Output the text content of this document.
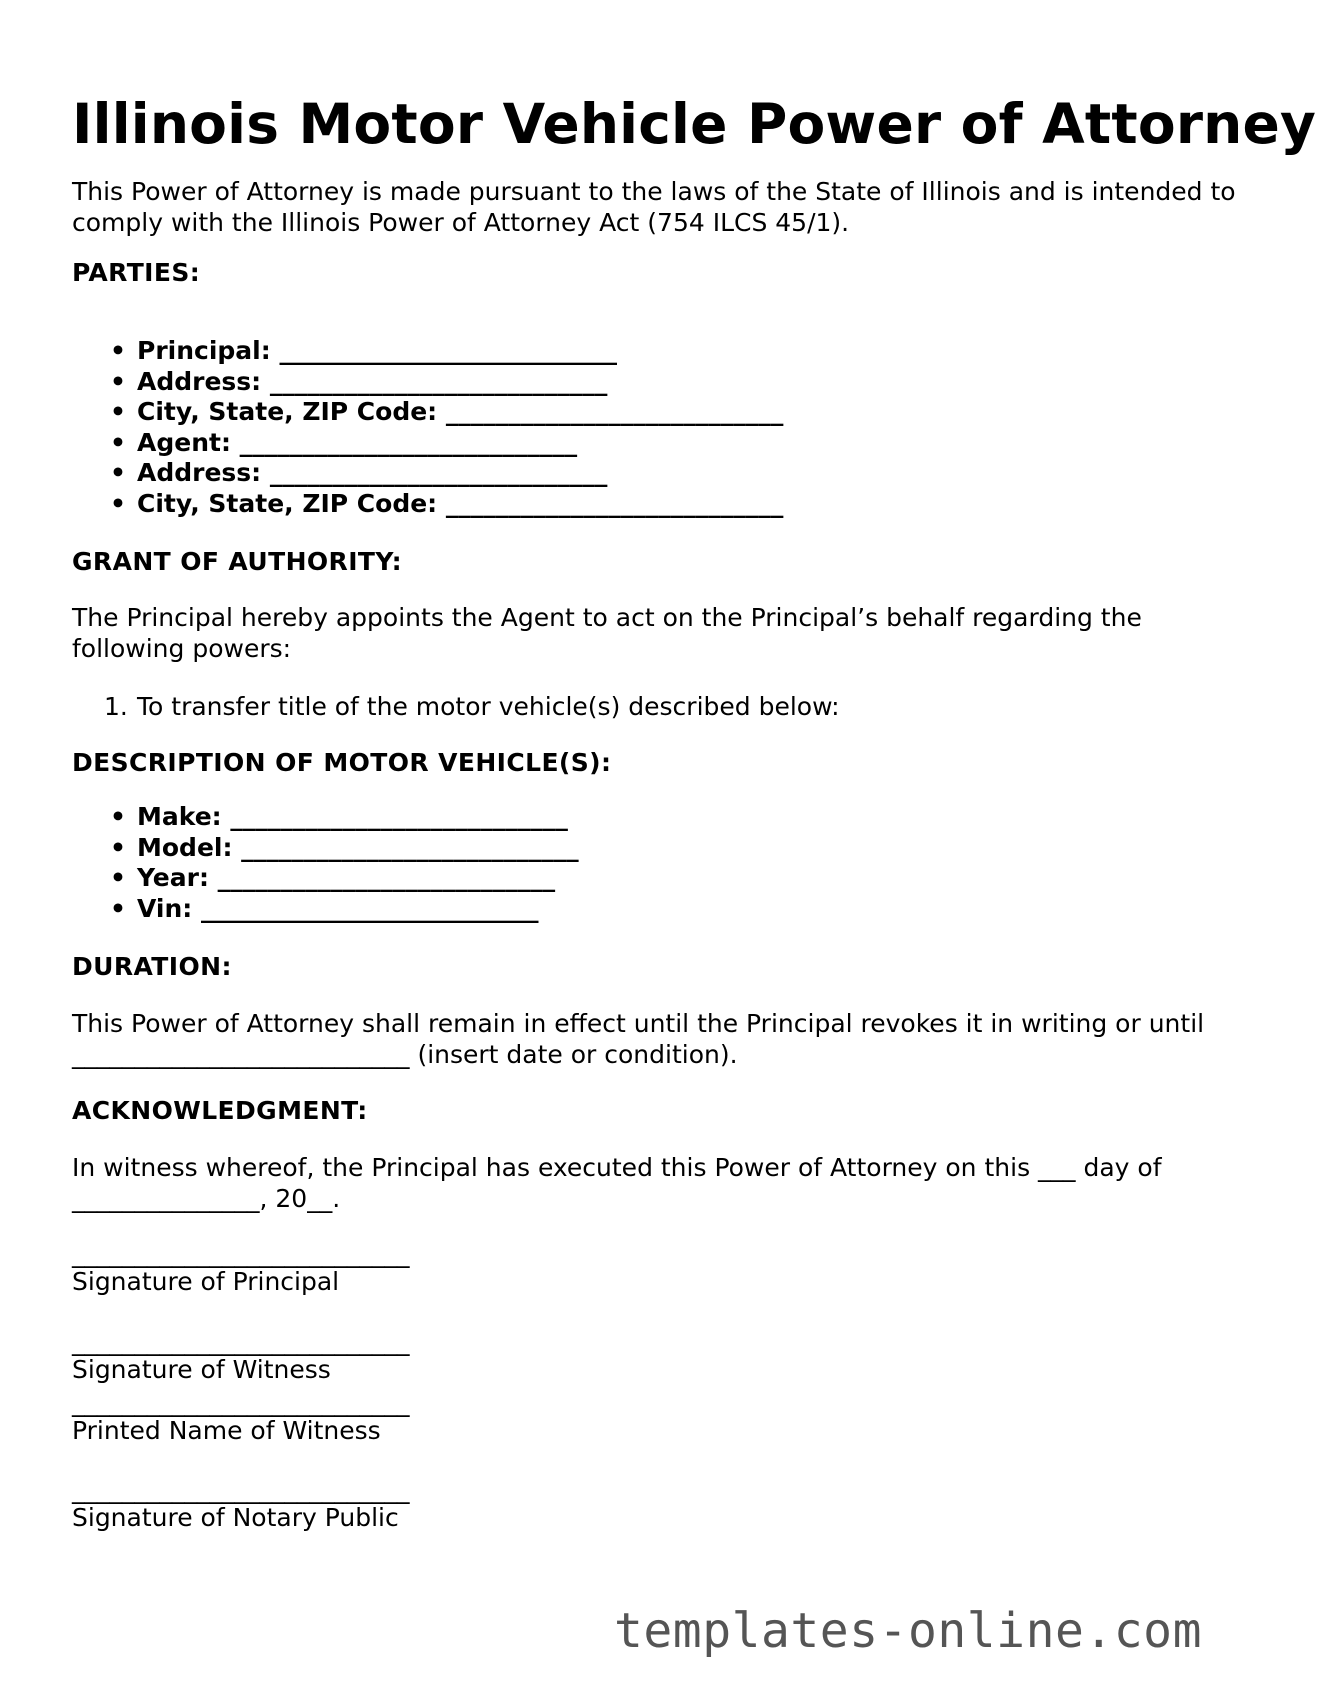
Illinois Motor Vehicle Power of Attorney

This Power of Attorney is made pursuant to the laws of the State of Illinois and is intended to comply with the Illinois Power of Attorney Act (754 ILCS 45/1).

PARTIES:
• Principal: ___________________________
• Address: ___________________________
• City, State, ZIP Code: ___________________________
• Agent: ___________________________
• Address: ___________________________
• City, State, ZIP Code: ___________________________
GRANT OF AUTHORITY:

The Principal hereby appoints the Agent to act on the Principal’s behalf regarding the following powers:

1. To transfer title of the motor vehicle(s) described below:
DESCRIPTION OF MOTOR VEHICLE(S):
• Make: ___________________________
• Model: ___________________________
• Year: ___________________________
• Vin: ___________________________
DURATION:

This Power of Attorney shall remain in effect until the Principal revokes it in writing or until ___________________________ (insert date or condition).

ACKNOWLEDGMENT:

In witness whereof, the Principal has executed this Power of Attorney on this ___ day of _______________, 20__.

___________________________
Signature of Principal
___________________________
Signature of Witness
___________________________
Printed Name of Witness
___________________________
Signature of Notary Public
templates-online.com
